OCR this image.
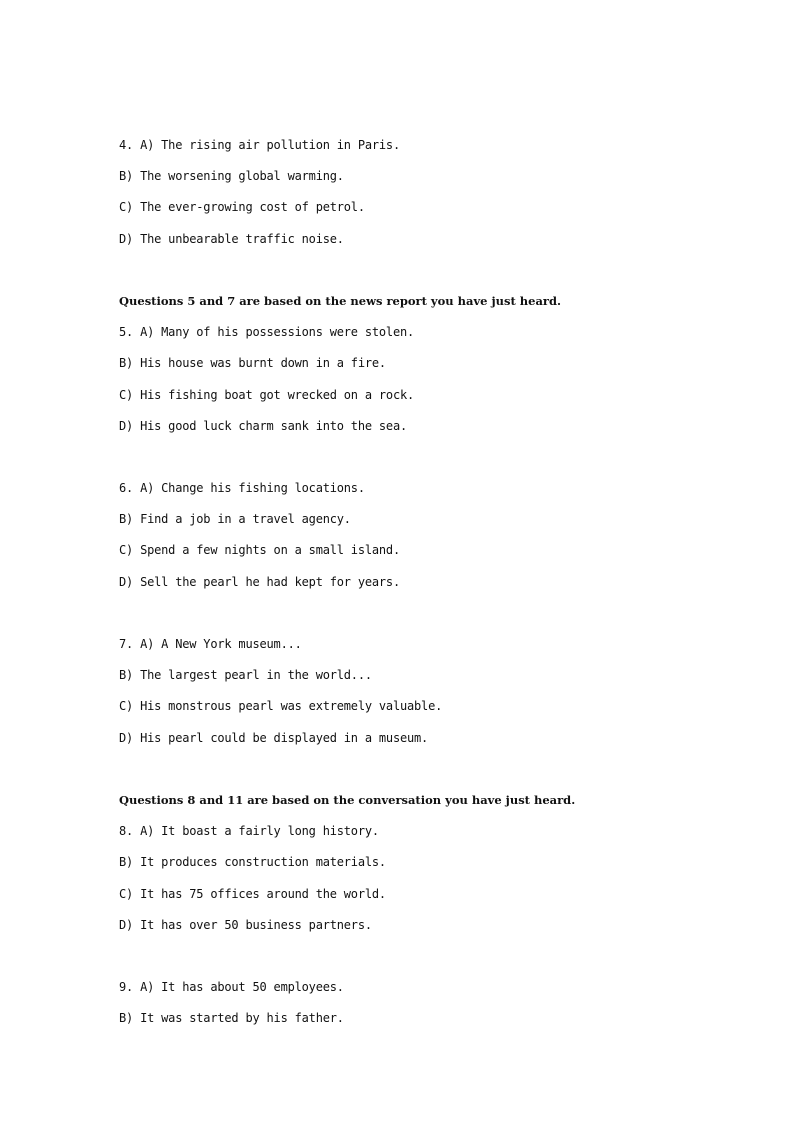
4. A) The rising air pollution in Paris.
B) The worsening global warming.
C) The ever-growing cost of petrol.
D) The unbearable traffic noise.
Questions 5 and 7 are based on the news report you have just heard.
5. A) Many of his possessions were stolen.
B) His house was burnt down in a fire.
C) His fishing boat got wrecked on a rock.
D) His good luck charm sank into the sea.
6. A) Change his fishing locations.
B) Find a job in a travel agency.
C) Spend a few nights on a small island.
D) Sell the pearl he had kept for years.
7. A) A New York museum...
B) The largest pearl in the world...
C) His monstrous pearl was extremely valuable.
D) His pearl could be displayed in a museum.
Questions 8 and 11 are based on the conversation you have just heard.
8. A) It boast a fairly long history.
B) It produces construction materials.
C) It has 75 offices around the world.
D) It has over 50 business partners.
9. A) It has about 50 employees.
B) It was started by his father.
